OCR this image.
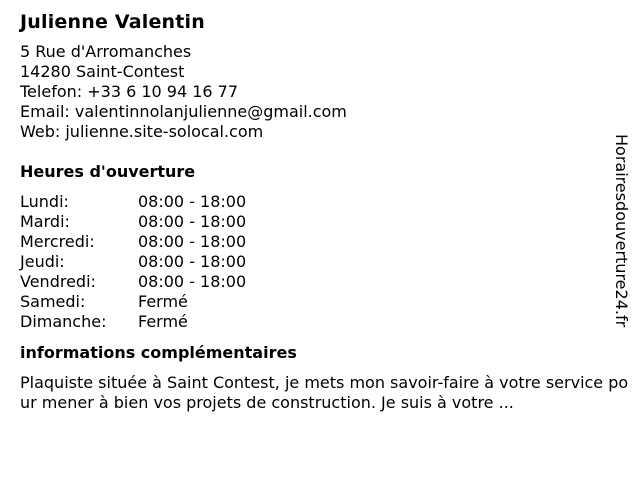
Julienne Valentin
5 Rue d'Arromanches
14280 Saint-Contest
Telefon: +33 6 10 94 16 77
Email: valentinnolanjulienne@gmail.com
Web: julienne.site-solocal.com
Heures d'ouverture
Lundi:	08:00 - 18:00
Mardi:	08:00 - 18:00
Mercredi:	08:00 - 18:00
Jeudi:	08:00 - 18:00
Vendredi:	08:00 - 18:00
Samedi:	Fermé
Dimanche: Fermé
informations complémentaires
Plaquiste située à Saint Contest, je mets mon savoir-faire à votre service pour mener à bien vos projets de construction. Je suis à votre ...
Horairesdouverture24.fr
